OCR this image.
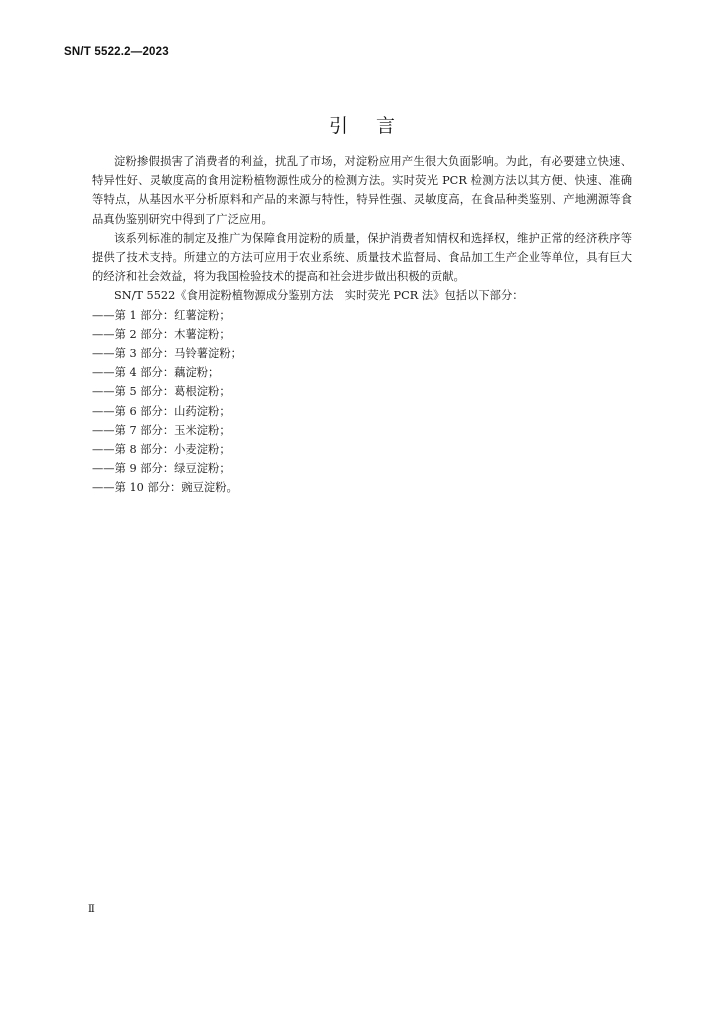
SN/T 5522.2—2023
引言

淀粉掺假损害了消费者的利益，扰乱了市场，对淀粉应用产生很大负面影响。为此，有必要建立快速、特异性好、灵敏度高的食用淀粉植物源性成分的检测方法。实时荧光 PCR 检测方法以其方便、快速、准确等特点，从基因水平分析原料和产品的来源与特性，特异性强、灵敏度高，在食品种类鉴别、产地溯源等食品真伪鉴别研究中得到了广泛应用。

该系列标准的制定及推广为保障食用淀粉的质量，保护消费者知情权和选择权，维护正常的经济秩序等提供了技术支持。所建立的方法可应用于农业系统、质量技术监督局、食品加工生产企业等单位，具有巨大的经济和社会效益，将为我国检验技术的提高和社会进步做出积极的贡献。

SN/T 5522《食用淀粉植物源成分鉴别方法　实时荧光 PCR 法》包括以下部分：

——第 1 部分：红薯淀粉；
——第 2 部分：木薯淀粉；
——第 3 部分：马铃薯淀粉；
——第 4 部分：藕淀粉；
——第 5 部分：葛根淀粉；
——第 6 部分：山药淀粉；
——第 7 部分：玉米淀粉；
——第 8 部分：小麦淀粉；
——第 9 部分：绿豆淀粉；
——第 10 部分：豌豆淀粉。
Ⅱ
